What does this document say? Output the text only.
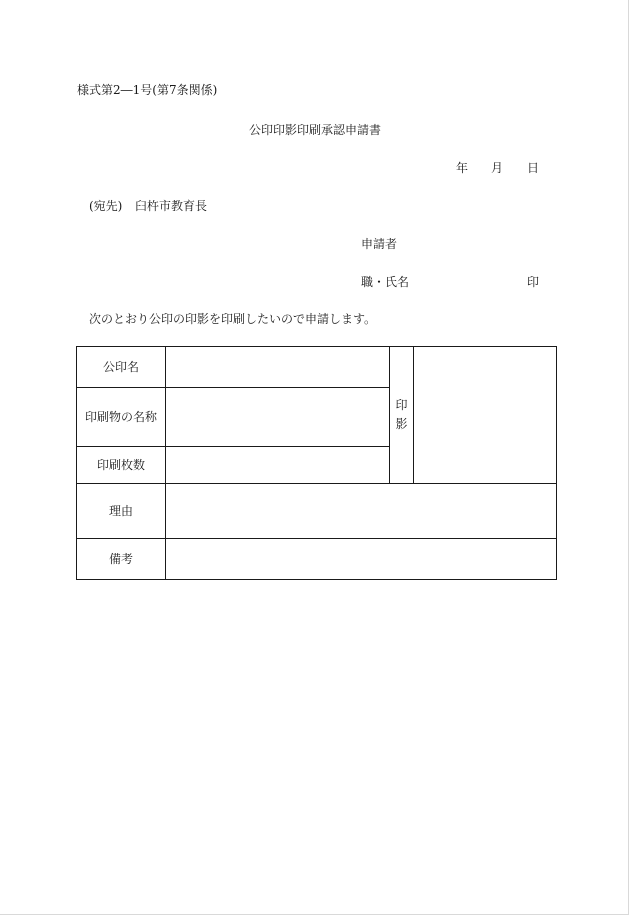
様式第2―1号(第7条関係)
公印印影印刷承認申請書
年 月 日
(宛先) 臼杵市教育長
申請者
職・氏名	印
次のとおり公印の印影を印刷したいので申請します。
公印名
印刷物の名称
印刷枚数
理由
備考
印
影
